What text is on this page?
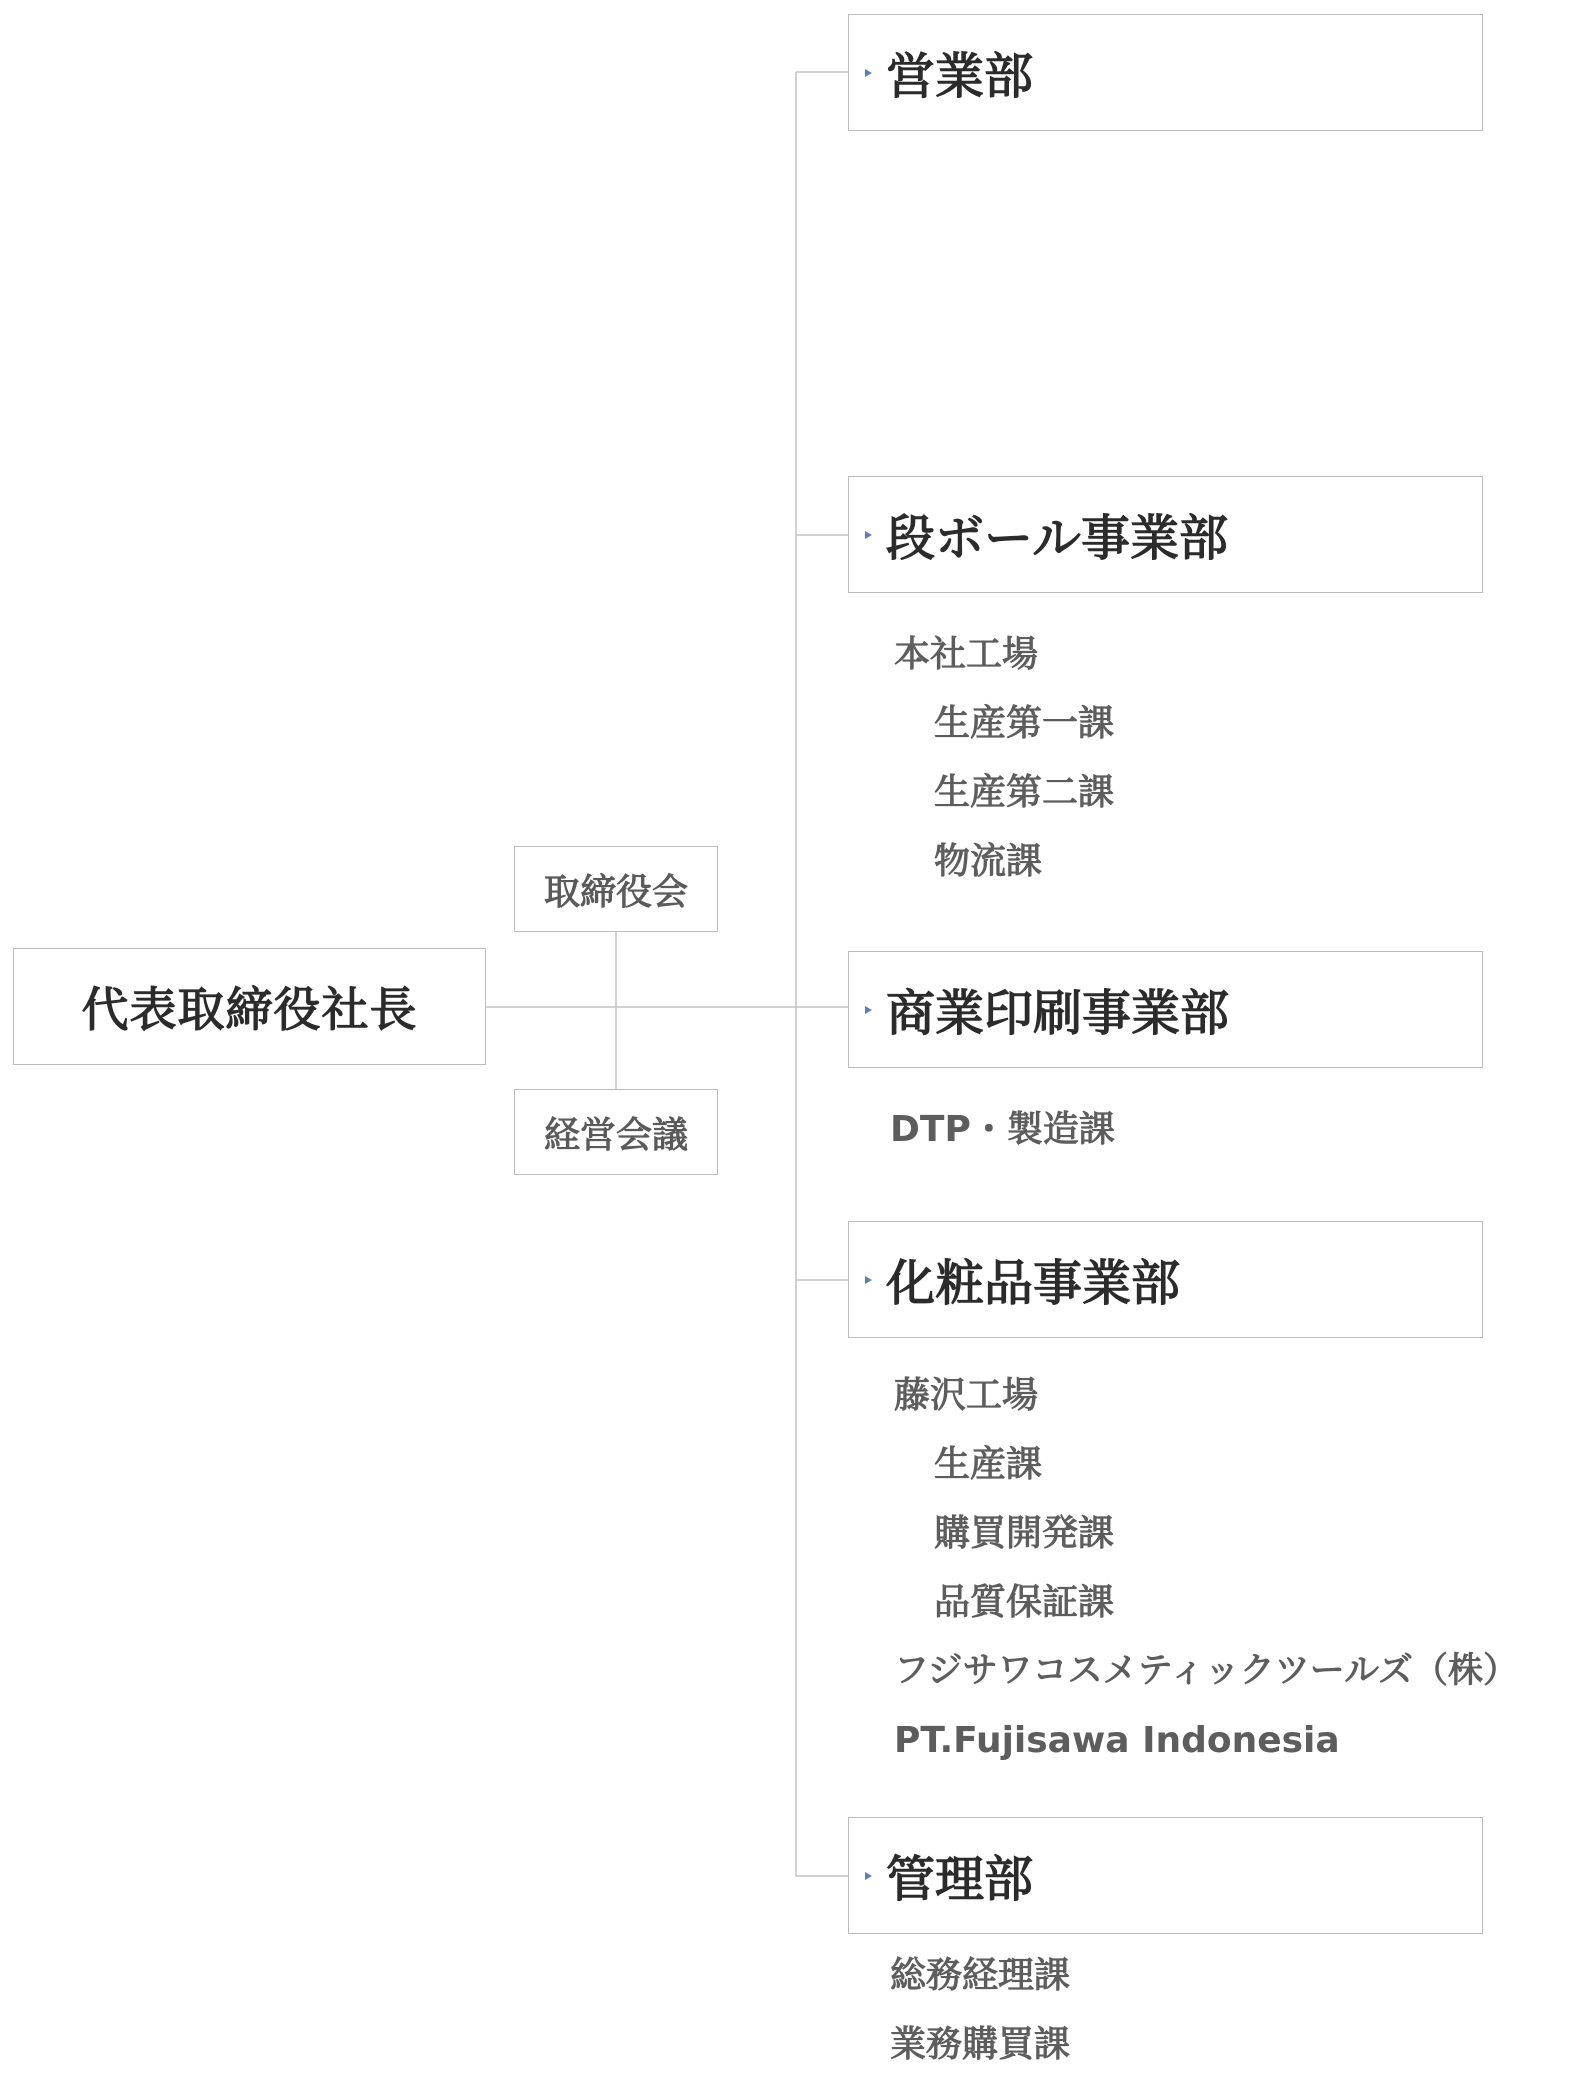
代表取締役社長
取締役会
経営会議
営業部
段ボール事業部
本社工場
生産第一課
生産第二課
物流課
商業印刷事業部
DTP・製造課
化粧品事業部
藤沢工場
生産課
購買開発課
品質保証課
フジサワコスメティックツールズ（株）
PT.Fujisawa Indonesia
管理部
総務経理課
業務購買課
